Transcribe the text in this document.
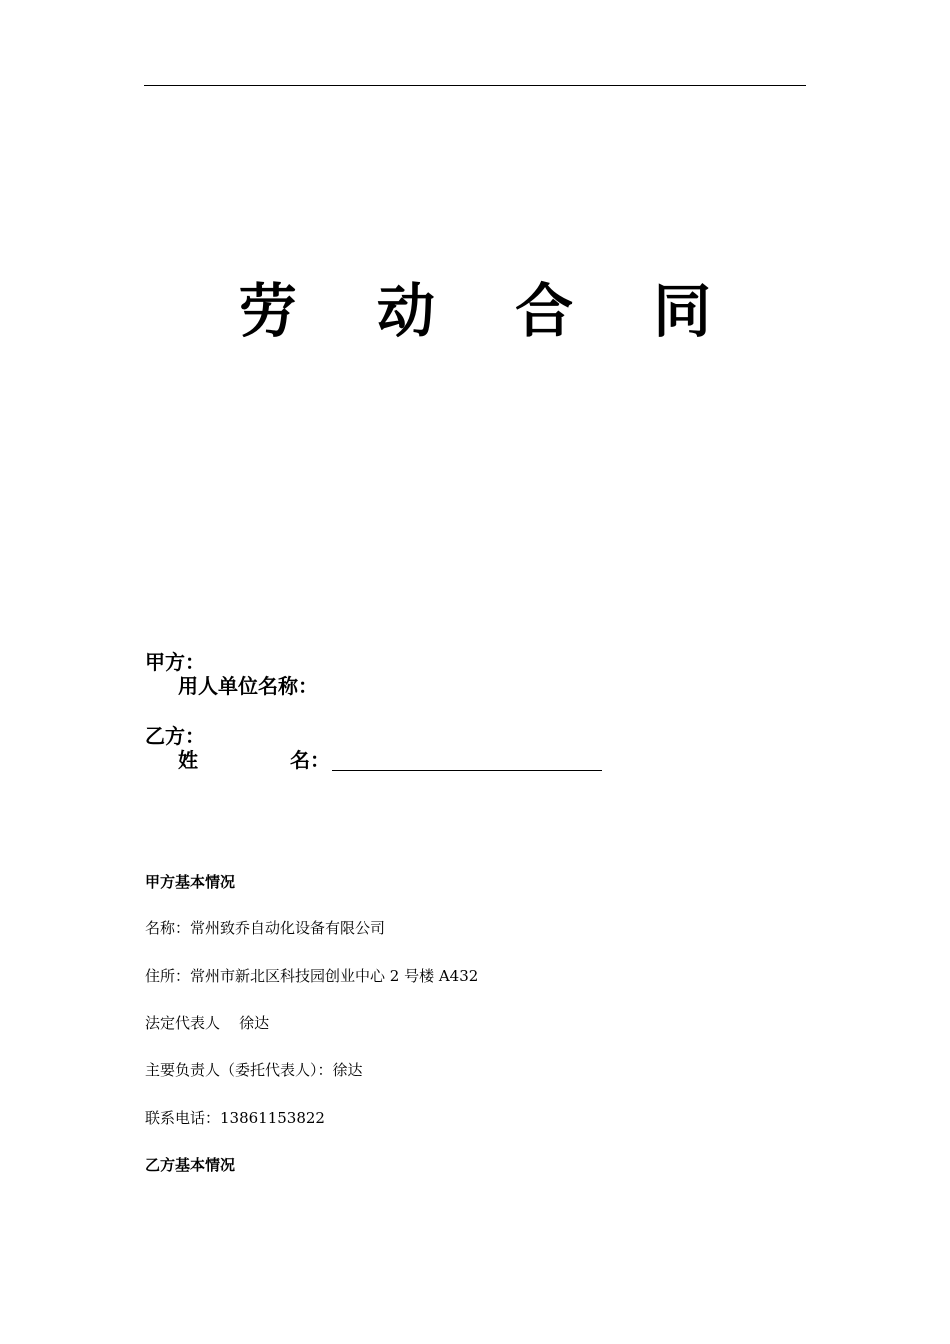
劳 动 合 同
甲方：
用人单位名称：
乙方：
姓	名：
甲方基本情况
名称：常州致乔自动化设备有限公司
住所：常州市新北区科技园创业中心 2 号楼 A432
法定代表人    徐达
主要负责人（委托代表人）：徐达
联系电话：13861153822
乙方基本情况
